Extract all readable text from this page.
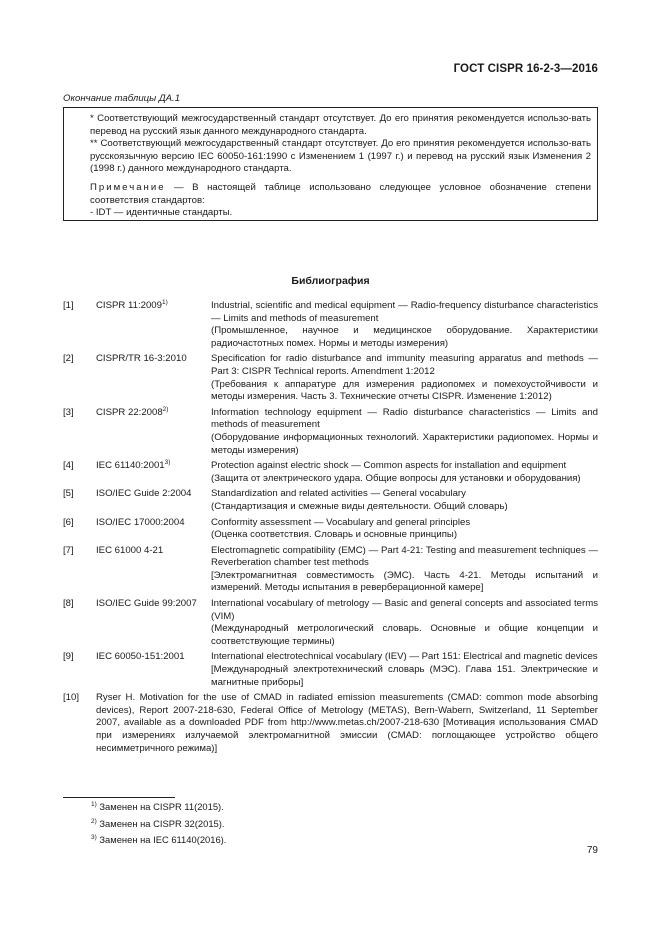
ГОСТ CISPR 16-2-3—2016
Окончание таблицы ДА.1

* Соответствующий межгосударственный стандарт отсутствует. До его принятия рекомендуется использо-вать перевод на русский язык данного международного стандарта.

** Соответствующий межгосударственный стандарт отсутствует. До его принятия рекомендуется использо-вать русскоязычную версию IEC 60050-161:1990 с Изменением 1 (1997 г.) и перевод на русский язык Изменения 2 (1998 г.) данного международного стандарта.

Примечание — В настоящей таблице использовано следующее условное обозначение степени соответствия стандартов:

- IDT — идентичные стандарты.

Библиография
[1]	CISPR 11:2009$^{1)}$	Industrial, scientific and medical equipment — Radio-frequency disturbance characteristics — Limits and methods of measurement
(Промышленное, научное и медицинское оборудование. Характеристики радиочастотных помех. Нормы и методы измерения)
[2]	CISPR/TR 16-3:2010	Specification for radio disturbance and immunity measuring apparatus and methods — Part 3: CISPR Technical reports. Amendment 1:2012
(Требования к аппаратуре для измерения радиопомех и помехоустойчивости и методы измерения. Часть 3. Технические отчеты CISPR. Изменение 1:2012)
[3]	CISPR 22:2008$^{2)}$	Information technology equipment — Radio disturbance characteristics — Limits and methods of measurement
(Оборудование информационных технологий. Характеристики радиопомех. Нормы и методы измерения)
[4]	IEC 61140:2001$^{3)}$	Protection against electric shock — Common aspects for installation and equipment
(Защита от электрического удара. Общие вопросы для установки и оборудования)
[5]	ISO/IEC Guide 2:2004	Standardization and related activities — General vocabulary
(Стандартизация и смежные виды деятельности. Общий словарь)
[6]	ISO/IEC 17000:2004	Conformity assessment — Vocabulary and general principles
(Оценка соответствия. Словарь и основные принципы)
[7]	IEC 61000 4-21	Electromagnetic compatibility (EMC) — Part 4-21: Testing and measurement techniques — Reverberation chamber test methods
[Электромагнитная совместимость (ЭМС). Часть 4-21. Методы испытаний и измерений. Методы испытания в реверберационной камере]
[8]	ISO/IEC Guide 99:2007	International vocabulary of metrology — Basic and general concepts and associated terms (VIM)
(Международный метрологический словарь. Основные и общие концепции и соответствующие термины)
[9]	IEC 60050-151:2001	International electrotechnical vocabulary (IEV) — Part 151: Electrical and magnetic devices
[Международный электротехнический словарь (МЭС). Глава 151. Электрические и магнитные приборы]
[10]	Ryser H. Motivation for the use of CMAD in radiated emission measurements (CMAD: common mode absorbing devices), Report 2007-218-630, Federal Office of Metrology (METAS), Bern-Wabern, Switzerland, 11 September 2007, available as a downloaded PDF from http://www.metas.ch/2007-218-630 [Мотивация использования CMAD при измерениях излучаемой электромагнитной эмиссии (CMAD: поглощающее устройство общего несимметричного режима)]
$^{1)}$ Заменен на CISPR 11(2015).
$^{2)}$ Заменен на CISPR 32(2015).
$^{3)}$ Заменен на IEC 61140(2016).
79
